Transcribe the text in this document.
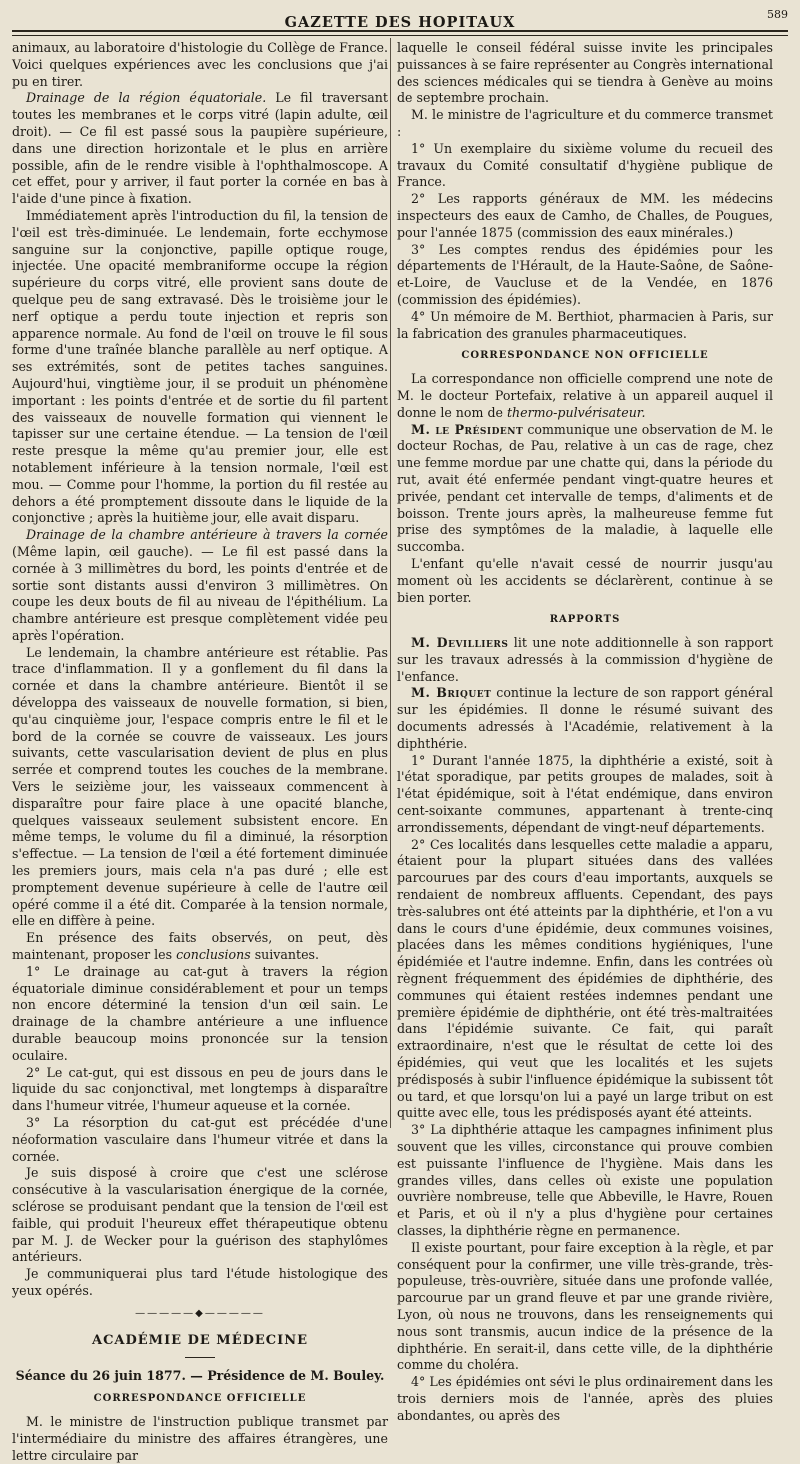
GAZETTE DES HOPITAUX	589

animaux, au laboratoire d'histologie du Collège de France. Voici quelques expériences avec les conclusions que j'ai pu en tirer.

Drainage de la région équatoriale. Le fil traversant toutes les membranes et le corps vitré (lapin adulte, œil droit). — Ce fil est passé sous la paupière supérieure, dans une direction horizontale et le plus en arrière possible, afin de le rendre visible à l'ophthalmoscope. A cet effet, pour y arriver, il faut porter la cornée en bas à l'aide d'une pince à fixation.

Immédiatement après l'introduction du fil, la tension de l'œil est très-diminuée. Le lendemain, forte ecchymose sanguine sur la conjonctive, papille optique rouge, injectée. Une opacité membraniforme occupe la région supérieure du corps vitré, elle provient sans doute de quelque peu de sang extravasé. Dès le troisième jour le nerf optique a perdu toute injection et repris son apparence normale. Au fond de l'œil on trouve le fil sous forme d'une traînée blanche parallèle au nerf optique. A ses extrémités, sont de petites taches sanguines. Aujourd'hui, vingtième jour, il se produit un phénomène important : les points d'entrée et de sortie du fil partent des vaisseaux de nouvelle formation qui viennent le tapisser sur une certaine étendue. — La tension de l'œil reste presque la même qu'au premier jour, elle est notablement inférieure à la tension normale, l'œil est mou. — Comme pour l'homme, la portion du fil restée au dehors a été promptement dissoute dans le liquide de la conjonctive ; après la huitième jour, elle avait disparu.

Drainage de la chambre antérieure à travers la cornée (Même lapin, œil gauche). — Le fil est passé dans la cornée à 3 millimètres du bord, les points d'entrée et de sortie sont distants aussi d'environ 3 millimètres. On coupe les deux bouts de fil au niveau de l'épithélium. La chambre antérieure est presque complètement vidée peu après l'opération.

Le lendemain, la chambre antérieure est rétablie. Pas trace d'inflammation. Il y a gonflement du fil dans la cornée et dans la chambre antérieure. Bientôt il se développa des vaisseaux de nouvelle formation, si bien, qu'au cinquième jour, l'espace compris entre le fil et le bord de la cornée se couvre de vaisseaux. Les jours suivants, cette vascularisation devient de plus en plus serrée et comprend toutes les couches de la membrane. Vers le seizième jour, les vaisseaux commencent à disparaître pour faire place à une opacité blanche, quelques vaisseaux seulement subsistent encore. En même temps, le volume du fil a diminué, la résorption s'effectue. — La tension de l'œil a été fortement diminuée les premiers jours, mais cela n'a pas duré ; elle est promptement devenue supérieure à celle de l'autre œil opéré comme il a été dit. Comparée à la tension normale, elle en diffère à peine.

En présence des faits observés, on peut, dès maintenant, proposer les conclusions suivantes.

1° Le drainage au cat-gut à travers la région équatoriale diminue considérablement et pour un temps non encore déterminé la tension d'un œil sain. Le drainage de la chambre antérieure a une influence durable beaucoup moins prononcée sur la tension oculaire.

2° Le cat-gut, qui est dissous en peu de jours dans le liquide du sac conjonctival, met longtemps à disparaître dans l'humeur vitrée, l'humeur aqueuse et la cornée.

3° La résorption du cat-gut est précédée d'une néoformation vasculaire dans l'humeur vitrée et dans la cornée.

Je suis disposé à croire que c'est une sclérose consécutive à la vascularisation énergique de la cornée, sclérose se produisant pendant que la tension de l'œil est faible, qui produit l'heureux effet thérapeutique obtenu par M. J. de Wecker pour la guérison des staphylômes antérieurs.

Je communiquerai plus tard l'étude histologique des yeux opérés.

—————◆—————
ACADÉMIE DE MÉDECINE
Séance du 26 juin 1877. — Présidence de M. Bouley.
CORRESPONDANCE OFFICIELLE

M. le ministre de l'instruction publique transmet par l'intermédiaire du ministre des affaires étrangères, une lettre circulaire par

laquelle le conseil fédéral suisse invite les principales puissances à se faire représenter au Congrès international des sciences médicales qui se tiendra à Genève au moins de septembre prochain.

M. le ministre de l'agriculture et du commerce transmet :

1° Un exemplaire du sixième volume du recueil des travaux du Comité consultatif d'hygiène publique de France.

2° Les rapports généraux de MM. les médecins inspecteurs des eaux de Camho, de Challes, de Pougues, pour l'année 1875 (commission des eaux minérales.)

3° Les comptes rendus des épidémies pour les départements de l'Hérault, de la Haute-Saône, de Saône-et-Loire, de Vaucluse et de la Vendée, en 1876 (commission des épidémies).

4° Un mémoire de M. Berthiot, pharmacien à Paris, sur la fabrication des granules pharmaceutiques.

CORRESPONDANCE NON OFFICIELLE

La correspondance non officielle comprend une note de M. le docteur Portefaix, relative à un appareil auquel il donne le nom de thermo-pulvérisateur.

M. le Président communique une observation de M. le docteur Rochas, de Pau, relative à un cas de rage, chez une femme mordue par une chatte qui, dans la période du rut, avait été enfermée pendant vingt-quatre heures et privée, pendant cet intervalle de temps, d'aliments et de boisson. Trente jours après, la malheureuse femme fut prise des symptômes de la maladie, à laquelle elle succomba.

L'enfant qu'elle n'avait cessé de nourrir jusqu'au moment où les accidents se déclarèrent, continue à se bien porter.

RAPPORTS

M. Devilliers lit une note additionnelle à son rapport sur les travaux adressés à la commission d'hygiène de l'enfance.

M. Briquet continue la lecture de son rapport général sur les épidémies. Il donne le résumé suivant des documents adressés à l'Académie, relativement à la diphthérie.

1° Durant l'année 1875, la diphthérie a existé, soit à l'état sporadique, par petits groupes de malades, soit à l'état épidémique, soit à l'état endémique, dans environ cent-soixante communes, appartenant à trente-cinq arrondissements, dépendant de vingt-neuf départements.

2° Ces localités dans lesquelles cette maladie a apparu, étaient pour la plupart situées dans des vallées parcourues par des cours d'eau importants, auxquels se rendaient de nombreux affluents. Cependant, des pays très-salubres ont été atteints par la diphthérie, et l'on a vu dans le cours d'une épidémie, deux communes voisines, placées dans les mêmes conditions hygiéniques, l'une épidémiée et l'autre indemne. Enfin, dans les contrées où règnent fréquemment des épidémies de diphthérie, des communes qui étaient restées indemnes pendant une première épidémie de diphthérie, ont été très-maltraitées dans l'épidémie suivante. Ce fait, qui paraît extraordinaire, n'est que le résultat de cette loi des épidémies, qui veut que les localités et les sujets prédisposés à subir l'influence épidémique la subissent tôt ou tard, et que lorsqu'on lui a payé un large tribut on est quitte avec elle, tous les prédisposés ayant été atteints.

3° La diphthérie attaque les campagnes infiniment plus souvent que les villes, circonstance qui prouve combien est puissante l'influence de l'hygiène. Mais dans les grandes villes, dans celles où existe une population ouvrière nombreuse, telle que Abbeville, le Havre, Rouen et Paris, et où il n'y a plus d'hygiène pour certaines classes, la diphthérie règne en permanence.

Il existe pourtant, pour faire exception à la règle, et par conséquent pour la confirmer, une ville très-grande, très-populeuse, très-ouvrière, située dans une profonde vallée, parcourue par un grand fleuve et par une grande rivière, Lyon, où nous ne trouvons, dans les renseignements qui nous sont transmis, aucun indice de la présence de la diphthérie. En serait-il, dans cette ville, de la diphthérie comme du choléra.

4° Les épidémies ont sévi le plus ordinairement dans les trois derniers mois de l'année, après des pluies abondantes, ou après des
